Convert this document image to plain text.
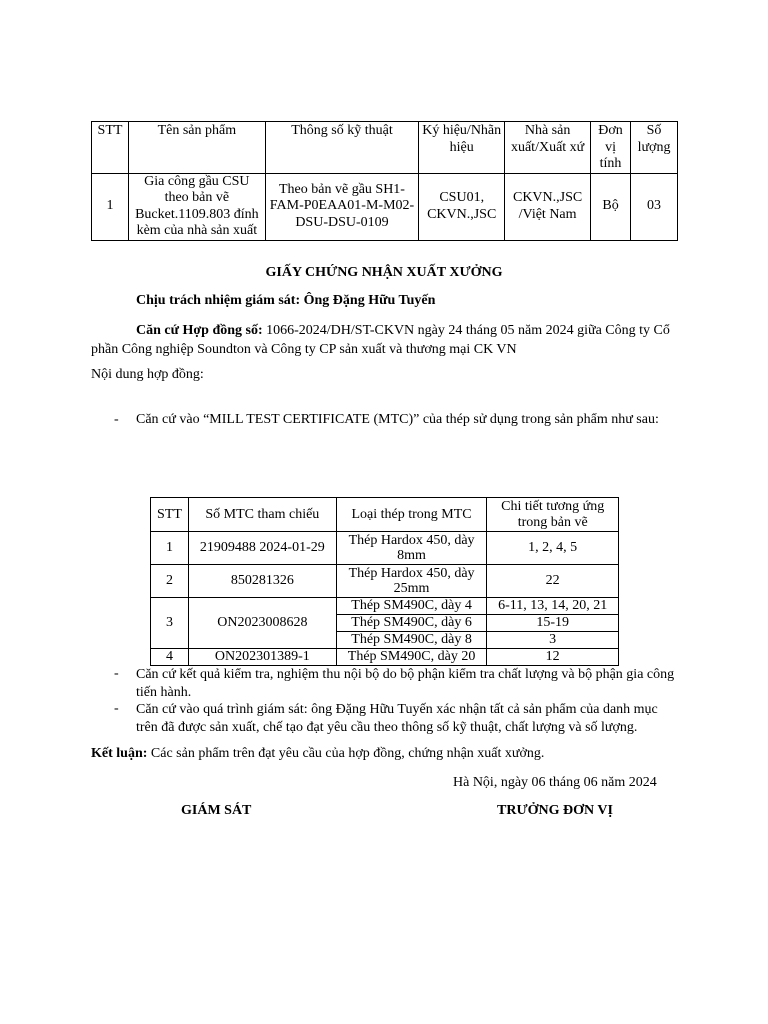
STT	Tên sản phẩm	Thông số kỹ thuật	Ký hiệu/Nhãn hiệu	Nhà sản xuất/Xuất xứ	Đơn vị tính	Số lượng
1	Gia công gầu CSU theo bản vẽ Bucket.1109.803 đính kèm của nhà sản xuất	Theo bản vẽ gầu SH1-FAM-P0EAA01-M-M02-DSU-DSU-0109	CSU01, CKVN.,JSC	CKVN.,JSC /Việt Nam	Bộ	03
GIẤY CHỨNG NHẬN XUẤT XƯỞNG
Chịu trách nhiệm giám sát: Ông Đặng Hữu Tuyến
Căn cứ Hợp đồng số: 1066-2024/DH/ST-CKVN ngày 24 tháng 05 năm 2024 giữa Công ty Cổ phần Công nghiệp Soundton và Công ty CP sản xuất và thương mại CK VN
Nội dung hợp đồng:
- Căn cứ vào “MILL TEST CERTIFICATE (MTC)” của thép sử dụng trong sản phẩm như sau:
STT	Số MTC tham chiếu	Loại thép trong MTC	Chi tiết tương ứng trong bản vẽ
1	21909488 2024-01-29	Thép Hardox 450, dày 8mm	1, 2, 4, 5
2	850281326	Thép Hardox 450, dày 25mm	22
3	ON2023008628	Thép SM490C, dày 4	6-11, 13, 14, 20, 21
		Thép SM490C, dày 6	15-19
		Thép SM490C, dày 8	3
4	ON202301389-1	Thép SM490C, dày 20	12
- Căn cứ kết quả kiểm tra, nghiệm thu nội bộ do bộ phận kiểm tra chất lượng và bộ phận gia công tiến hành.
- Căn cứ vào quá trình giám sát: ông Đặng Hữu Tuyến xác nhận tất cả sản phẩm của danh mục trên đã được sản xuất, chế tạo đạt yêu cầu theo thông số kỹ thuật, chất lượng và số lượng.
Kết luận: Các sản phẩm trên đạt yêu cầu của hợp đồng, chứng nhận xuất xưởng.
Hà Nội, ngày 06 tháng 06 năm 2024
GIÁM SÁT	TRƯỞNG ĐƠN VỊ
